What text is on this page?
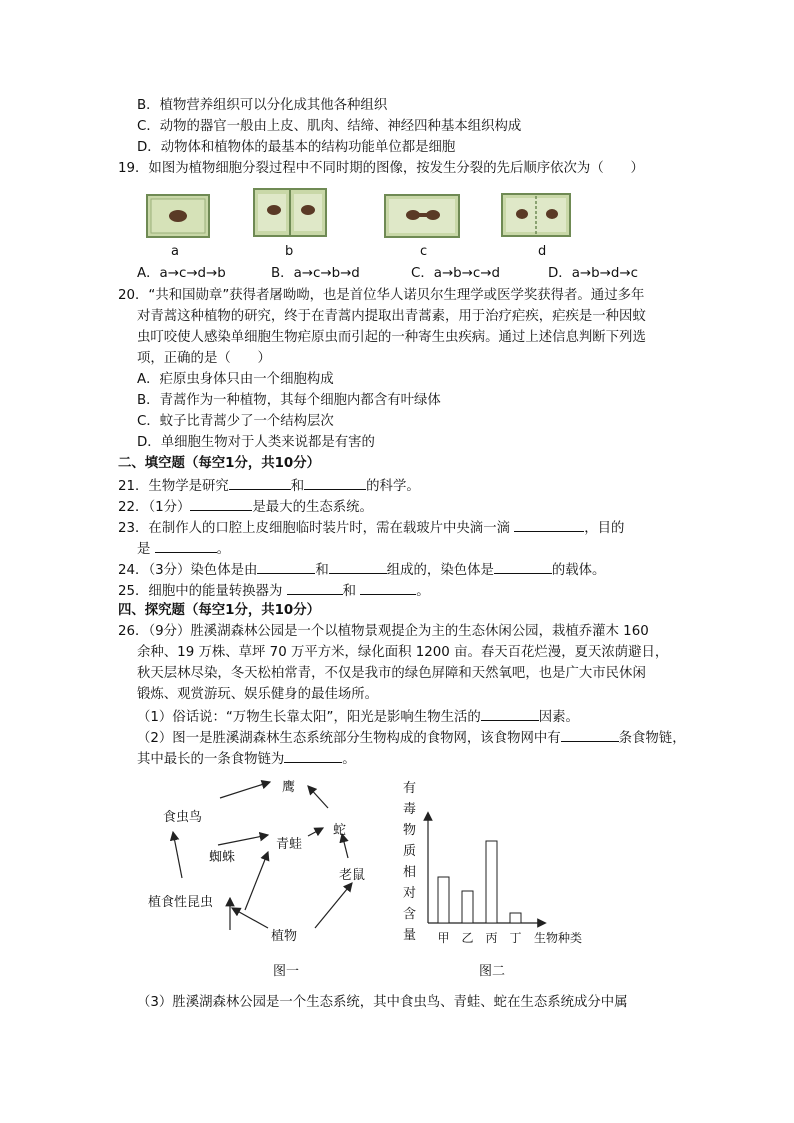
B．植物营养组织可以分化成其他各种组织
C．动物的器官一般由上皮、肌肉、结缔、神经四种基本组织构成
D．动物体和植物体的最基本的结构功能单位都是细胞
19．如图为植物细胞分裂过程中不同时期的图像，按发生分裂的先后顺序依次为（　　）
a	b	c	d
A．a→c→d→b	B．a→c→b→d	C．a→b→c→d	D．a→b→d→c
20．“共和国勋章”获得者屠呦呦，也是首位华人诺贝尔生理学或医学奖获得者。通过多年
对青蒿这种植物的研究，终于在青蒿内提取出青蒿素，用于治疗疟疾，疟疾是一种因蚊
虫叮咬使人感染单细胞生物疟原虫而引起的一种寄生虫疾病。通过上述信息判断下列选
项，正确的是（　　）
A．疟原虫身体只由一个细胞构成
B．青蒿作为一种植物，其每个细胞内都含有叶绿体
C．蚊子比青蒿少了一个结构层次
D．单细胞生物对于人类来说都是有害的
二、填空题（每空1分，共10分）
21．生物学是研究	和	的科学。
22．（1分）	是最大的生态系统。
23．在制作人的口腔上皮细胞临时装片时，需在载玻片中央滴一滴	，目的
是	。
24．（3分）染色体是由	和	组成的，染色体是	的载体。
25．细胞中的能量转换器为	和	。
四、探究题（每空1分，共10分）
26．（9分）胜溪湖森林公园是一个以植物景观提企为主的生态休闲公园，栽植乔灌木 160
余种、19 万株、草坪 70 万平方米，绿化面积 1200 亩。春天百花烂漫，夏天浓荫避日，
秋天层林尽染，冬天松柏常青，不仅是我市的绿色屏障和天然氧吧，也是广大市民休闲
锻炼、观赏游玩、娱乐健身的最佳场所。
（1）俗话说：“万物生长靠太阳”，阳光是影响生物生活的	因素。
（2）图一是胜溪湖森林生态系统部分生物构成的食物网，该食物网中有	条食物链，
其中最长的一条食物链为	。
鹰
食虫鸟
蛇
蜘蛛
青蛙
老鼠
植食性昆虫
植物
图一
有毒物质相对含量 甲 乙 丙 丁 生物种类
图二
（3）胜溪湖森林公园是一个生态系统，其中食虫鸟、青蛙、蛇在生态系统成分中属
